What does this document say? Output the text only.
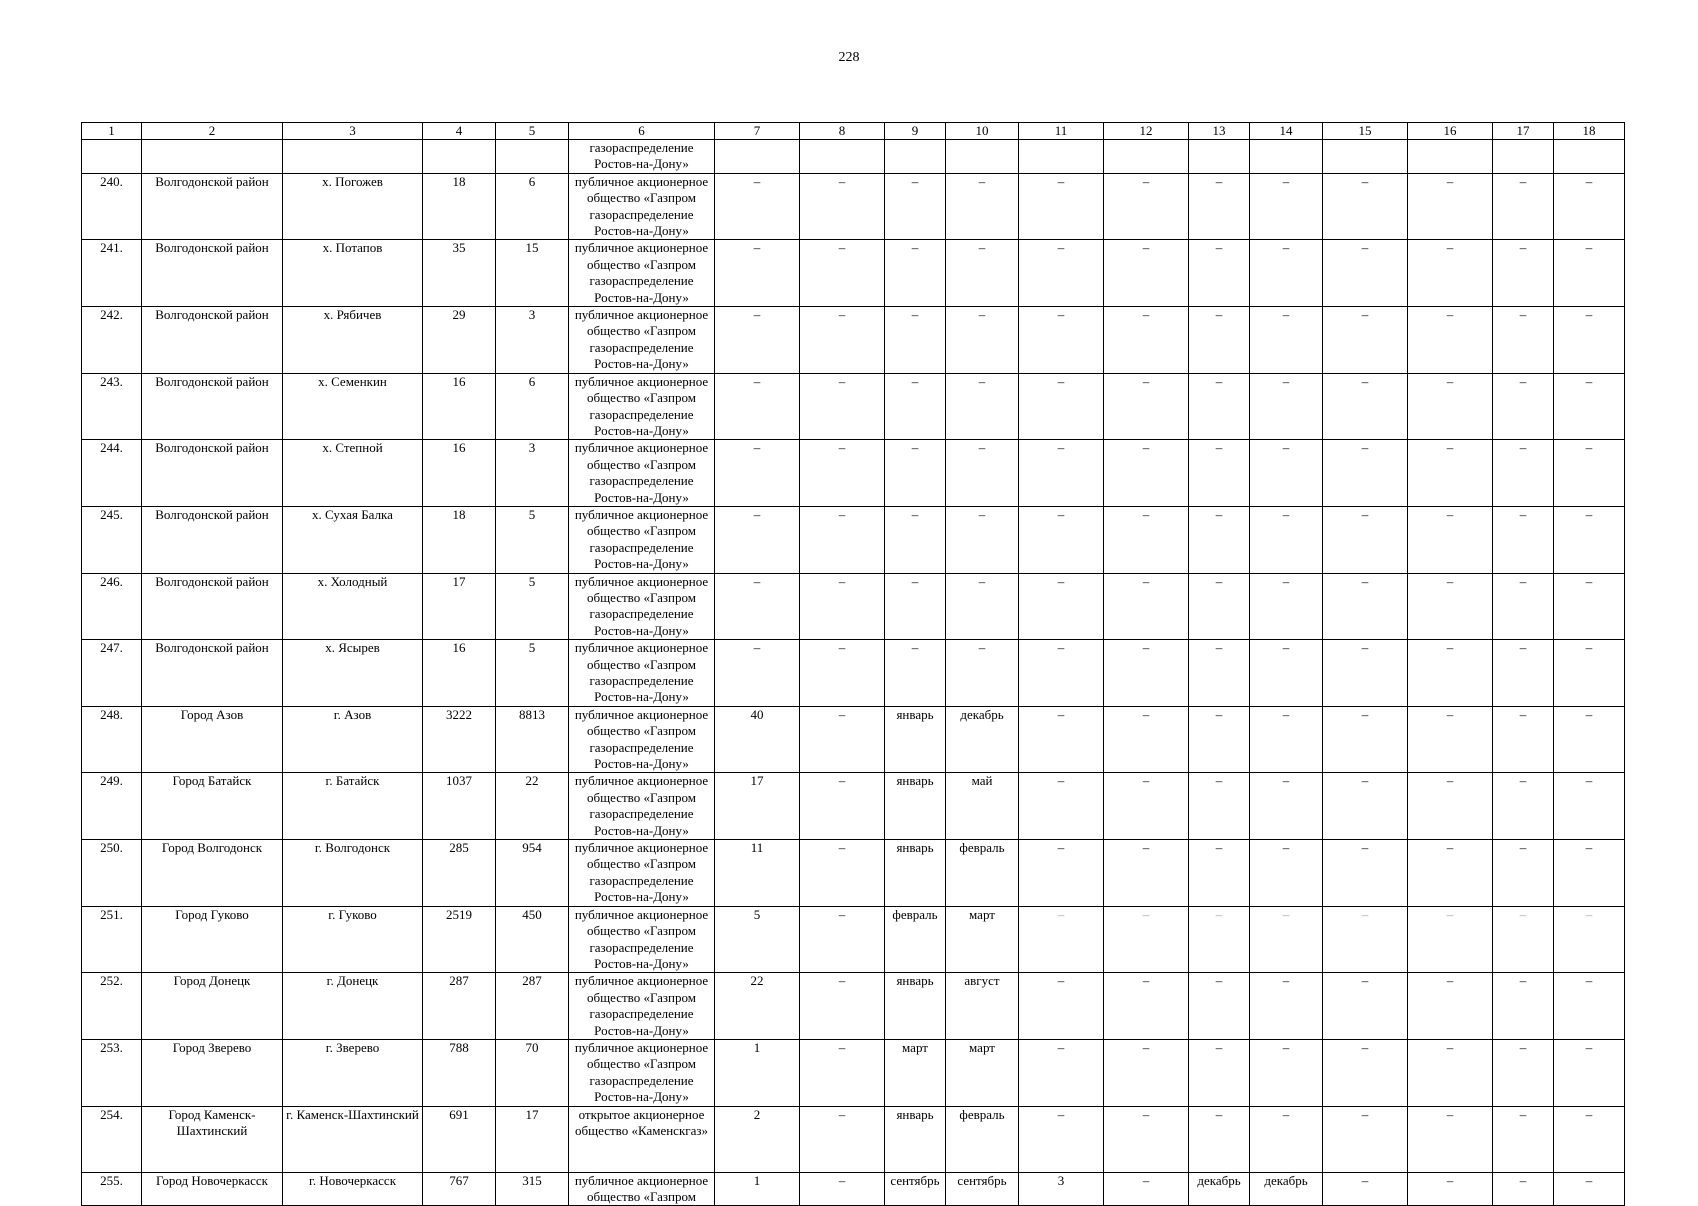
228
1	2	3	4	5	6	7	8	9	10	11	12	13	14	15	16	17	18
					газораспределение Ростов-на-Дону»												
240.	Волгодонской район	х. Погожев	18	6	публичное акционерное общество «Газпром газораспределение Ростов-на-Дону»	–	–	–	–	–	–	–	–	–	–	–	–
241.	Волгодонской район	х. Потапов	35	15	публичное акционерное общество «Газпром газораспределение Ростов-на-Дону»	–	–	–	–	–	–	–	–	–	–	–	–
242.	Волгодонской район	х. Рябичев	29	3	публичное акционерное общество «Газпром газораспределение Ростов-на-Дону»	–	–	–	–	–	–	–	–	–	–	–	–
243.	Волгодонской район	х. Семенкин	16	6	публичное акционерное общество «Газпром газораспределение Ростов-на-Дону»	–	–	–	–	–	–	–	–	–	–	–	–
244.	Волгодонской район	х. Степной	16	3	публичное акционерное общество «Газпром газораспределение Ростов-на-Дону»	–	–	–	–	–	–	–	–	–	–	–	–
245.	Волгодонской район	х. Сухая Балка	18	5	публичное акционерное общество «Газпром газораспределение Ростов-на-Дону»	–	–	–	–	–	–	–	–	–	–	–	–
246.	Волгодонской район	х. Холодный	17	5	публичное акционерное общество «Газпром газораспределение Ростов-на-Дону»	–	–	–	–	–	–	–	–	–	–	–	–
247.	Волгодонской район	х. Ясырев	16	5	публичное акционерное общество «Газпром газораспределение Ростов-на-Дону»	–	–	–	–	–	–	–	–	–	–	–	–
248.	Город Азов	г. Азов	3222	8813	публичное акционерное общество «Газпром газораспределение Ростов-на-Дону»	40	–	январь	декабрь	–	–	–	–	–	–	–	–
249.	Город Батайск	г. Батайск	1037	22	публичное акционерное общество «Газпром газораспределение Ростов-на-Дону»	17	–	январь	май	–	–	–	–	–	–	–	–
250.	Город Волгодонск	г. Волгодонск	285	954	публичное акционерное общество «Газпром газораспределение Ростов-на-Дону»	11	–	январь	февраль	–	–	–	–	–	–	–	–
251.	Город Гуково	г. Гуково	2519	450	публичное акционерное общество «Газпром газораспределение Ростов-на-Дону»	5	–	февраль	март	–	–	–	–	–	–	–	–
252.	Город Донецк	г. Донецк	287	287	публичное акционерное общество «Газпром газораспределение Ростов-на-Дону»	22	–	январь	август	–	–	–	–	–	–	–	–
253.	Город Зверево	г. Зверево	788	70	публичное акционерное общество «Газпром газораспределение Ростов-на-Дону»	1	–	март	март	–	–	–	–	–	–	–	–
254.	Город Каменск-Шахтинский	г. Каменск-Шахтинский	691	17	открытое акционерное общество «Каменскгаз»	2	–	январь	февраль	–	–	–	–	–	–	–	–
255.	Город Новочеркасск	г. Новочеркасск	767	315	публичное акционерное общество «Газпром	1	–	сентябрь	сентябрь	3	–	декабрь	декабрь	–	–	–	–
